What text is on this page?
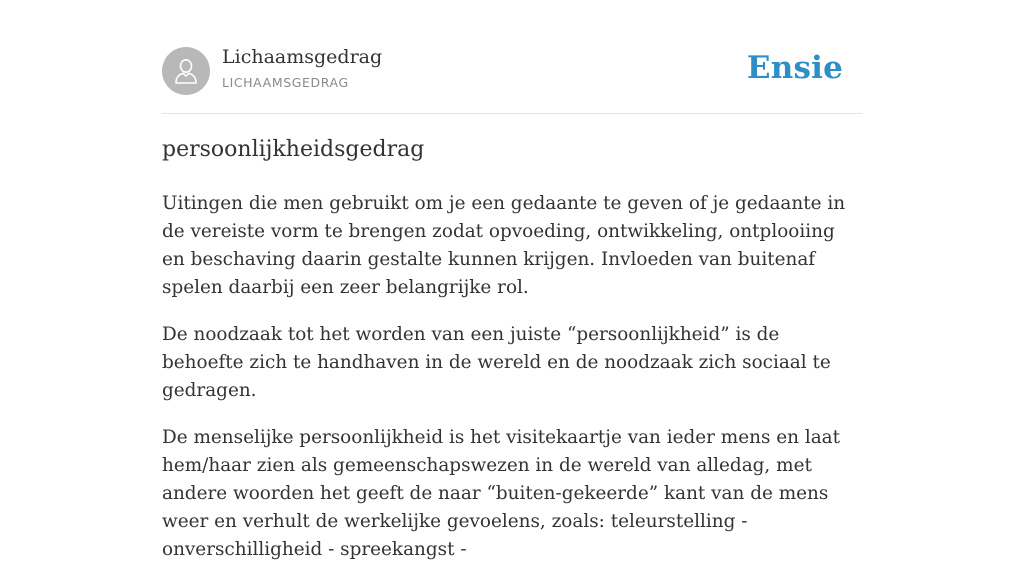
Lichaamsgedrag
LICHAAMSGEDRAG	Ensie
persoonlijkheidsgedrag

Uitingen die men gebruikt om je een gedaante te geven of je gedaante in de vereiste vorm te brengen zodat opvoeding, ontwikkeling, ontplooiing en beschaving daarin gestalte kunnen krijgen. Invloeden van buitenaf spelen daarbij een zeer belangrijke rol.

De noodzaak tot het worden van een juiste “persoonlijkheid” is de behoefte zich te handhaven in de wereld en de noodzaak zich sociaal te gedragen.

De menselijke persoonlijkheid is het visitekaartje van ieder mens en laat hem/haar zien als gemeenschapswezen in de wereld van alledag, met andere woorden het geeft de naar “buiten-gekeerde” kant van de mens weer en verhult de werkelijke gevoelens, zoals: teleurstelling - onverschilligheid - spreekangst -
